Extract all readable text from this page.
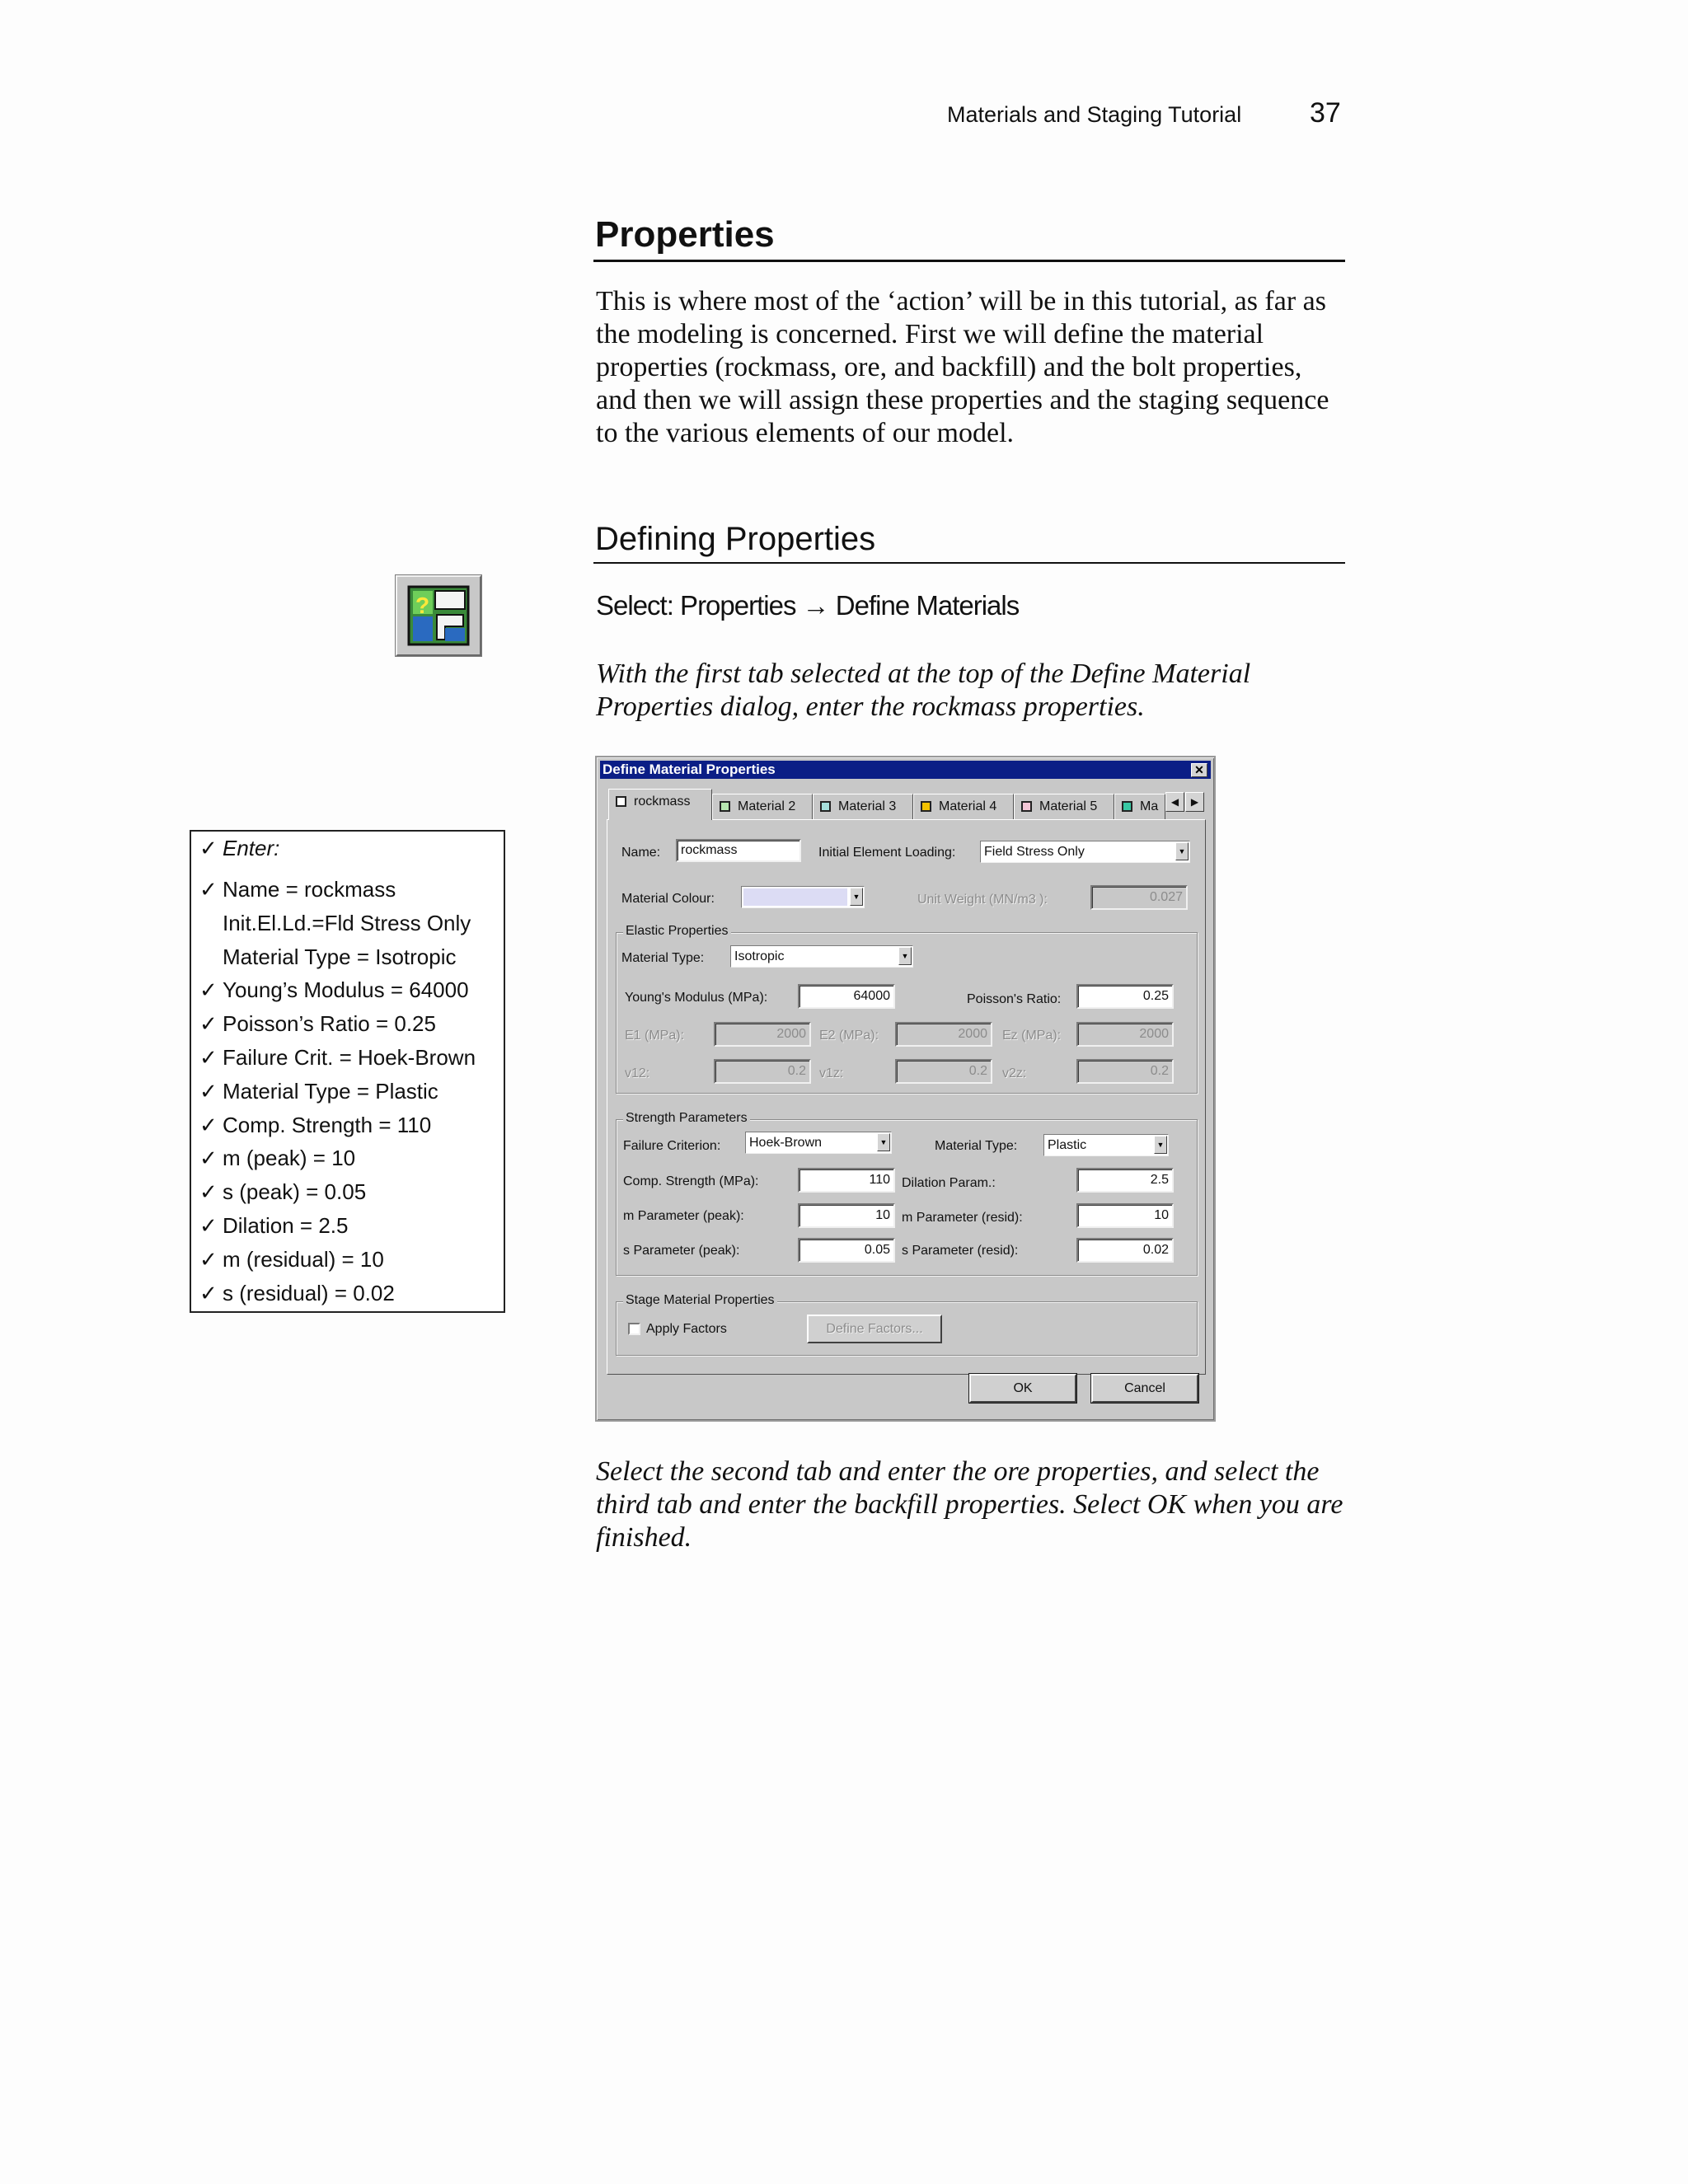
Materials and Staging Tutorial 37
Properties
This is where most of the ‘action’ will be in this tutorial, as far as the modeling is concerned. First we will define the material properties (rockmass, ore, and backfill) and the bolt properties, and then we will assign these properties and the staging sequence to the various elements of our model.
Defining Properties
?	Select: Properties → Define Materials
With the first tab selected at the top of the Define Material Properties dialog, enter the rockmass properties.
✓ Enter:
✓ Name = rockmass
Init.El.Ld.=Fld Stress Only
Material Type = Isotropic
✓ Young’s Modulus = 64000
✓ Poisson’s Ratio = 0.25
✓ Failure Crit. = Hoek-Brown
✓ Material Type = Plastic
✓ Comp. Strength = 110
✓ m (peak) = 10
✓ s (peak) = 0.05
✓ Dilation = 2.5
✓ m (residual) = 10
✓ s (residual) = 0.02
Define Material Properties	✕
rockmass	Material 2	Material 3	Material 4	Material 5	Ma	◀	▶
Name:	rockmass	Initial Element Loading:	Field Stress Only	▼
Material Colour:	▼	Unit Weight (MN/m3 ):	0.027
Elastic Properties
Material Type:	Isotropic	▼
Young's Modulus (MPa):	64000	Poisson's Ratio:	0.25
E1 (MPa):	2000	E2 (MPa):	2000	Ez (MPa):	2000
v12:	0.2	v1z:	0.2	v2z:	0.2
Strength Parameters
Failure Criterion:	Hoek-Brown	▼	Material Type:	Plastic	▼
Comp. Strength (MPa):	110 Dilation Param.:	2.5
m Parameter (peak):	10 m Parameter (resid):	10
s Parameter (peak):	0.05 s Parameter (resid):	0.02
Stage Material Properties
Apply Factors	Define Factors...
OK	Cancel
Select the second tab and enter the ore properties, and select the third tab and enter the backfill properties. Select OK when you are finished.
